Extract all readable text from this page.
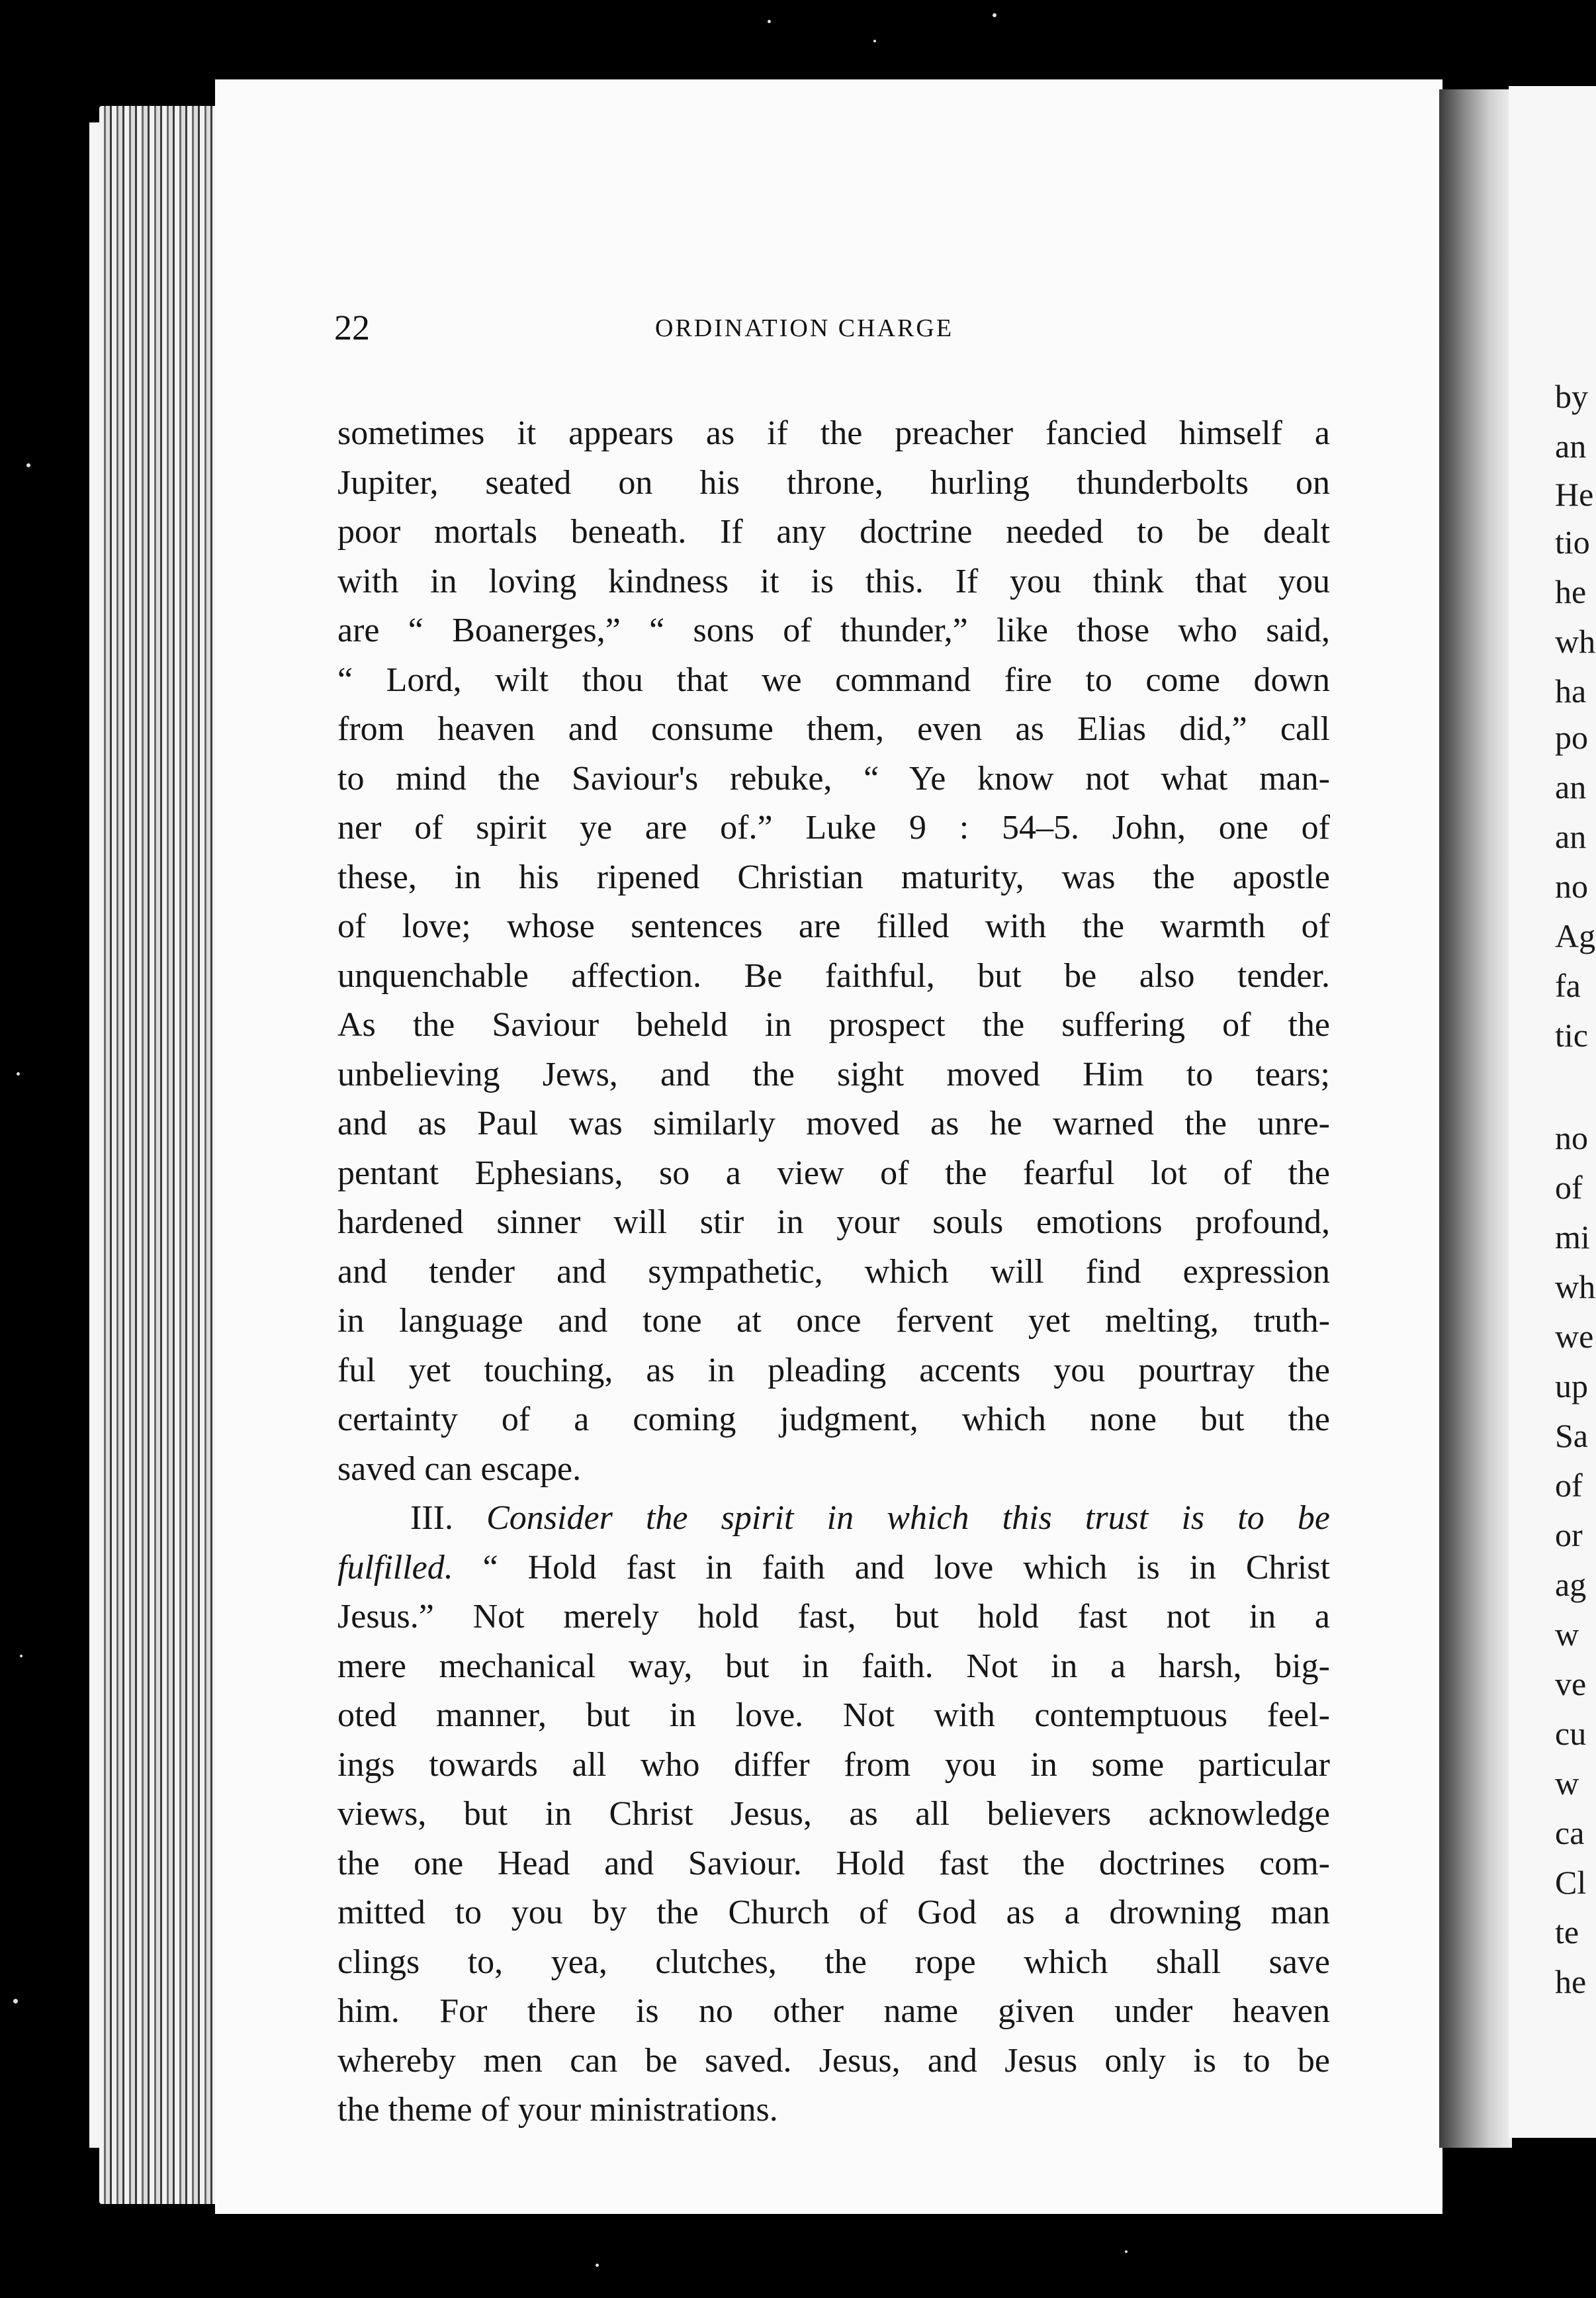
by
an
He
tio
he
wh
ha
po
an
an
no
Ag
fa
tic
no
of
mi
wh
we
up
Sa
of
or
ag
w
ve
cu
w
ca
Cl
te
he
22	ORDINATION CHARGE
sometimes it appears as if the preacher fancied himself a
Jupiter, seated on his throne, hurling thunderbolts on
poor mortals beneath. If any doctrine needed to be dealt
with in loving kindness it is this. If you think that you
are “ Boanerges,” “ sons of thunder,” like those who said,
“ Lord, wilt thou that we command fire to come down
from heaven and consume them, even as Elias did,” call
to mind the Saviour's rebuke, “ Ye know not what man-
ner of spirit ye are of.” Luke 9 : 54–5. John, one of
these, in his ripened Christian maturity, was the apostle
of love; whose sentences are filled with the warmth of
unquenchable affection. Be faithful, but be also tender.
As the Saviour beheld in prospect the suffering of the
unbelieving Jews, and the sight moved Him to tears;
and as Paul was similarly moved as he warned the unre-
pentant Ephesians, so a view of the fearful lot of the
hardened sinner will stir in your souls emotions profound,
and tender and sympathetic, which will find expression
in language and tone at once fervent yet melting, truth-
ful yet touching, as in pleading accents you pourtray the
certainty of a coming judgment, which none but the
saved can escape.
III. Consider the spirit in which this trust is to be
fulfilled. “ Hold fast in faith and love which is in Christ
Jesus.” Not merely hold fast, but hold fast not in a
mere mechanical way, but in faith. Not in a harsh, big-
oted manner, but in love. Not with contemptuous feel-
ings towards all who differ from you in some particular
views, but in Christ Jesus, as all believers acknowledge
the one Head and Saviour. Hold fast the doctrines com-
mitted to you by the Church of God as a drowning man
clings to, yea, clutches, the rope which shall save
him. For there is no other name given under heaven
whereby men can be saved. Jesus, and Jesus only is to be
the theme of your ministrations.
